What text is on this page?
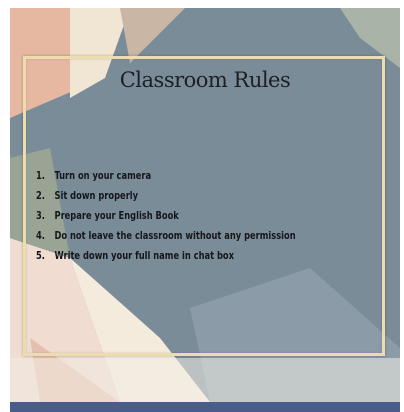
Classroom Rules
1. Turn on your camera
2. Sit down properly
3. Prepare your English Book
4. Do not leave the classroom without any permission
5. Write down your full name in chat box
